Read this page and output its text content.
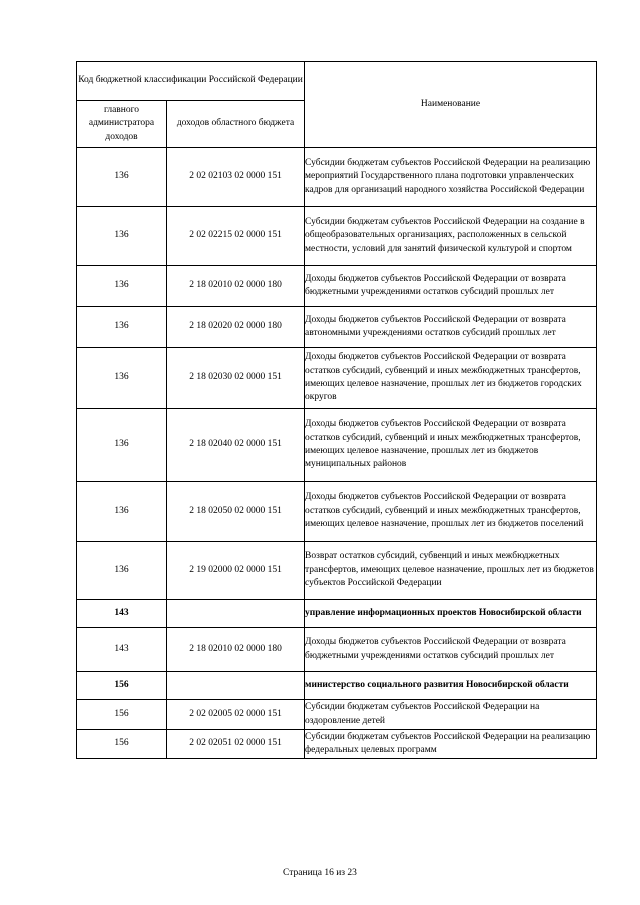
Код бюджетной классификации Российской Федерации		Наименование
главного администратора доходов	доходов областного бюджета	
136	2 02 02103 02 0000 151	Субсидии бюджетам субъектов Российской Федерации на реализацию мероприятий Государственного плана подготовки управленческих кадров для организаций народного хозяйства Российской Федерации
136	2 02 02215 02 0000 151	Субсидии бюджетам субъектов Российской Федерации на создание в общеобразовательных организациях, расположенных в сельской местности, условий для занятий физической культурой и спортом
136	2 18 02010 02 0000 180	Доходы бюджетов субъектов Российской Федерации от возврата бюджетными учреждениями остатков субсидий прошлых лет
136	2 18 02020 02 0000 180	Доходы бюджетов субъектов Российской Федерации от возврата автономными учреждениями остатков субсидий прошлых лет
136	2 18 02030 02 0000 151	Доходы бюджетов субъектов Российской Федерации от возврата остатков субсидий, субвенций и иных межбюджетных трансфертов, имеющих целевое назначение, прошлых лет из бюджетов городских округов
136	2 18 02040 02 0000 151	Доходы бюджетов субъектов Российской Федерации от возврата остатков субсидий, субвенций и иных межбюджетных трансфертов, имеющих целевое назначение, прошлых лет из бюджетов муниципальных районов
136	2 18 02050 02 0000 151	Доходы бюджетов субъектов Российской Федерации от возврата остатков субсидий, субвенций и иных межбюджетных трансфертов, имеющих целевое назначение, прошлых лет из бюджетов поселений
136	2 19 02000 02 0000 151	Возврат остатков субсидий, субвенций и иных межбюджетных трансфертов, имеющих целевое назначение, прошлых лет из бюджетов субъектов Российской Федерации
143		управление информационных проектов Новосибирской области
143	2 18 02010 02 0000 180	Доходы бюджетов субъектов Российской Федерации от возврата бюджетными учреждениями остатков субсидий прошлых лет
156		министерство социального развития Новосибирской области
156	2 02 02005 02 0000 151	Субсидии бюджетам субъектов Российской Федерации на оздоровление детей
156	2 02 02051 02 0000 151	Субсидии бюджетам субъектов Российской Федерации на реализацию федеральных целевых программ
Страница 16 из 23
